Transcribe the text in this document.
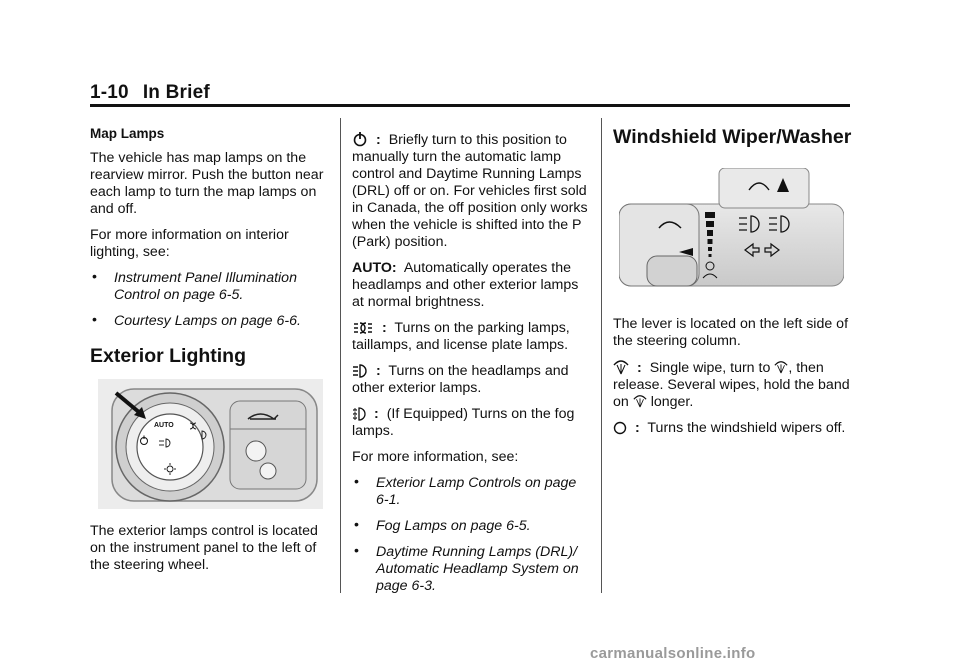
1-10 In Brief
Map Lamps

The vehicle has map lamps on the rearview mirror. Push the button near each lamp to turn the map lamps on and off.

For more information on interior lighting, see:

• Instrument Panel Illumination Control on page 6-5.
• Courtesy Lamps on page 6-6.
Exterior Lighting
AUTO

The exterior lamps control is located on the instrument panel to the left of the steering wheel.

: Briefly turn to this position to manually turn the automatic lamp control and Daytime Running Lamps (DRL) off or on. For vehicles first sold in Canada, the off position only works when the vehicle is shifted into the P (Park) position.

AUTO: Automatically operates the headlamps and other exterior lamps at normal brightness.

: Turns on the parking lamps, taillamps, and license plate lamps.

: Turns on the headlamps and other exterior lamps.

: (If Equipped) Turns on the fog lamps.

For more information, see:

• Exterior Lamp Controls on page 6-1.
• Fog Lamps on page 6-5.
• Daytime Running Lamps (DRL)/ Automatic Headlamp System on page 6-3.
Windshield Wiper/Washer

The lever is located on the left side of the steering column.

: Single wipe, turn to , then release. Several wipes, hold the band on longer.

: Turns the windshield wipers off.

carmanualsonline.info
